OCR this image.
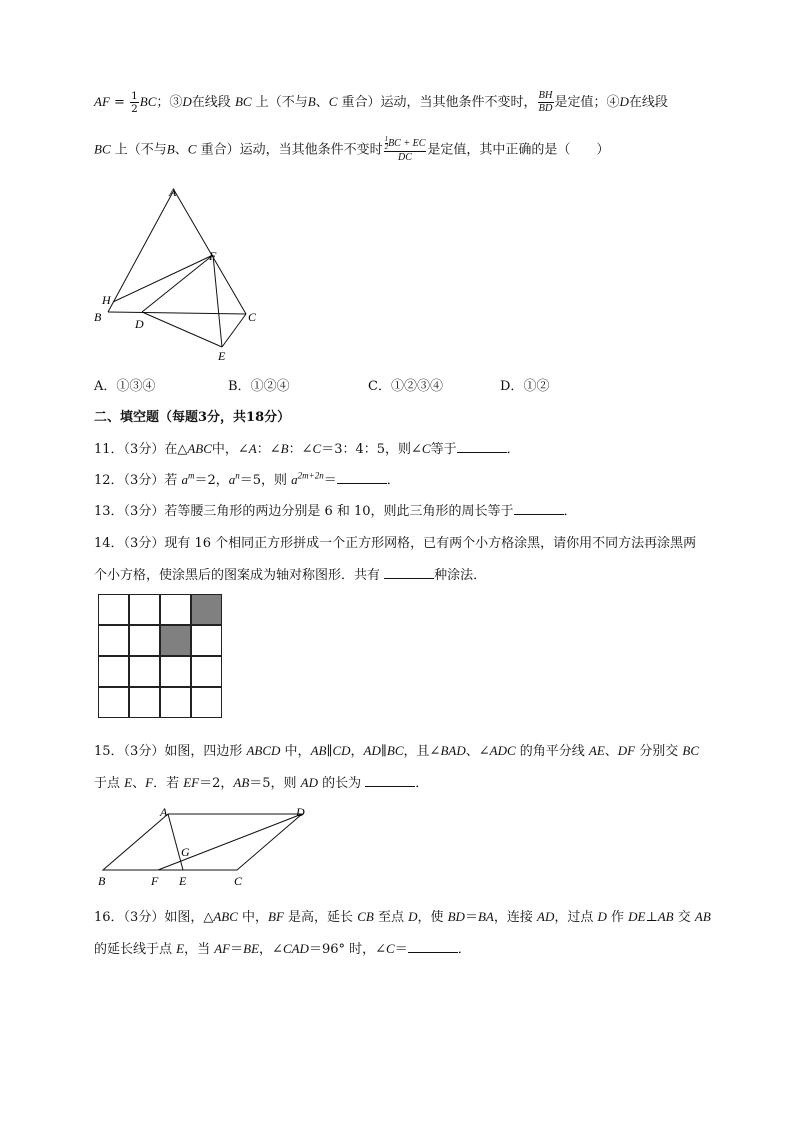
AF = $\frac{1}{2}$ BC；③D在线段 BC 上（不与B、C 重合）运动，当其他条件不变时， $\frac{BH}{BD}$ 是定值；④D在线段
BC 上（不与B、C 重合）运动，当其他条件不变时 $\frac{\frac{1}{2} BC + EC}{DC}$ 是定值，其中正确的是（　　）
A
F
H
B	D	C
E
A．①③④	B．①②④	C．①②③④	D．①②
二、填空题（每题3分，共18分）
11．（3分）在△ABC中，∠A：∠B：∠C＝3：4：5，则∠C等于	．
12．（3分）若 $a^m=2$，$a^n=5$，则 $a^{2m+2n}=$	．
13．（3分）若等腰三角形的两边分别是 6 和 10，则此三角形的周长等于	．
14．（3分）现有 16 个相同正方形拼成一个正方形网格，已有两个小方格涂黑，请你用不同方法再涂黑两
个小方格，使涂黑后的图案成为轴对称图形．共有	种涂法．
15．（3分）如图，四边形 ABCD 中，AB∥CD，AD∥BC，且∠BAD、∠ADC 的角平分线 AE、DF 分别交 BC
于点 E、F．若 EF＝2，AB＝5，则 AD 的长为	．
A	D
G
B	F E	C
16．（3分）如图，△ABC 中，BF 是高，延长 CB 至点 D，使 BD＝BA，连接 AD，过点 D 作 DE⊥AB 交 AB
的延长线于点 E，当 AF＝BE，∠CAD＝96° 时，∠C＝	．
